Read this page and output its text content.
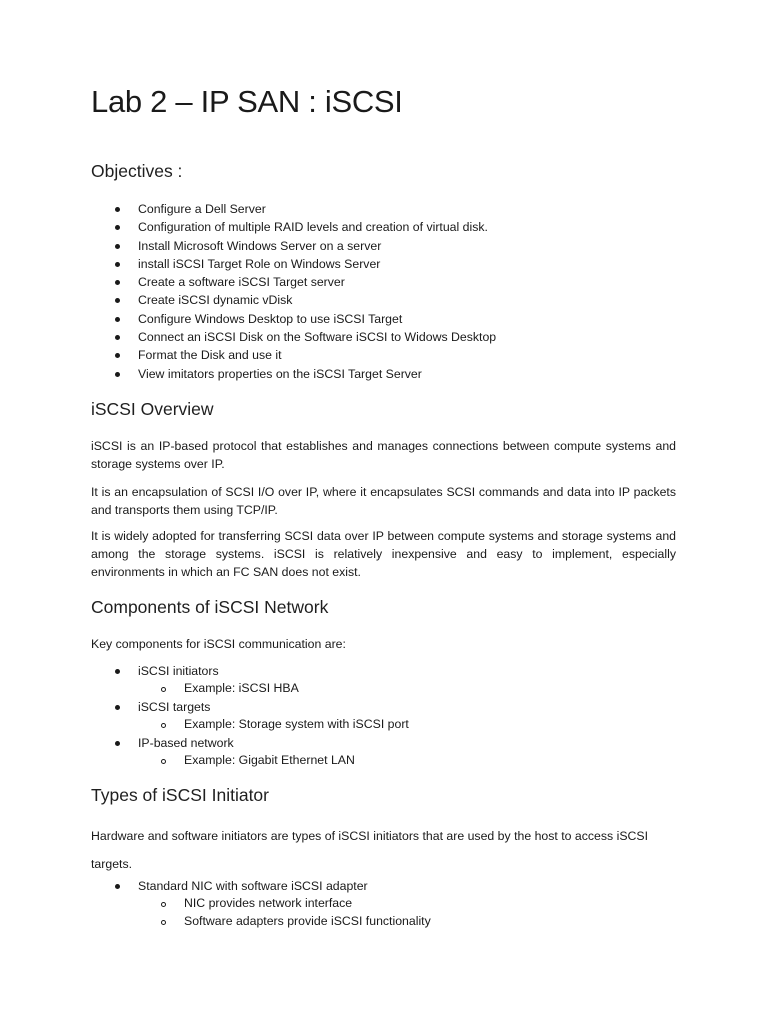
Lab 2 – IP SAN : iSCSI
Objectives :
Configure a Dell Server
Configuration of multiple RAID levels and creation of virtual disk.
Install Microsoft Windows Server on a server
install iSCSI Target Role on Windows Server
Create a software iSCSI Target server
Create iSCSI dynamic vDisk
Configure Windows Desktop to use iSCSI Target
Connect an iSCSI Disk on the Software iSCSI to Widows Desktop
Format the Disk and use it
View imitators properties on the iSCSI Target Server
iSCSI Overview

iSCSI is an IP-based protocol that establishes and manages connections between compute systems and storage systems over IP.

It is an encapsulation of SCSI I/O over IP, where it encapsulates SCSI commands and data into IP packets and transports them using TCP/IP.

It is widely adopted for transferring SCSI data over IP between compute systems and storage systems and among the storage systems. iSCSI is relatively inexpensive and easy to implement, especially environments in which an FC SAN does not exist.

Components of iSCSI Network

Key components for iSCSI communication are:

iSCSI initiators
Example: iSCSI HBA
iSCSI targets
Example: Storage system with iSCSI port
IP-based network
Example: Gigabit Ethernet LAN
Types of iSCSI Initiator

Hardware and software initiators are types of iSCSI initiators that are used by the host to access iSCSI targets.

Standard NIC with software iSCSI adapter
NIC provides network interface
Software adapters provide iSCSI functionality
